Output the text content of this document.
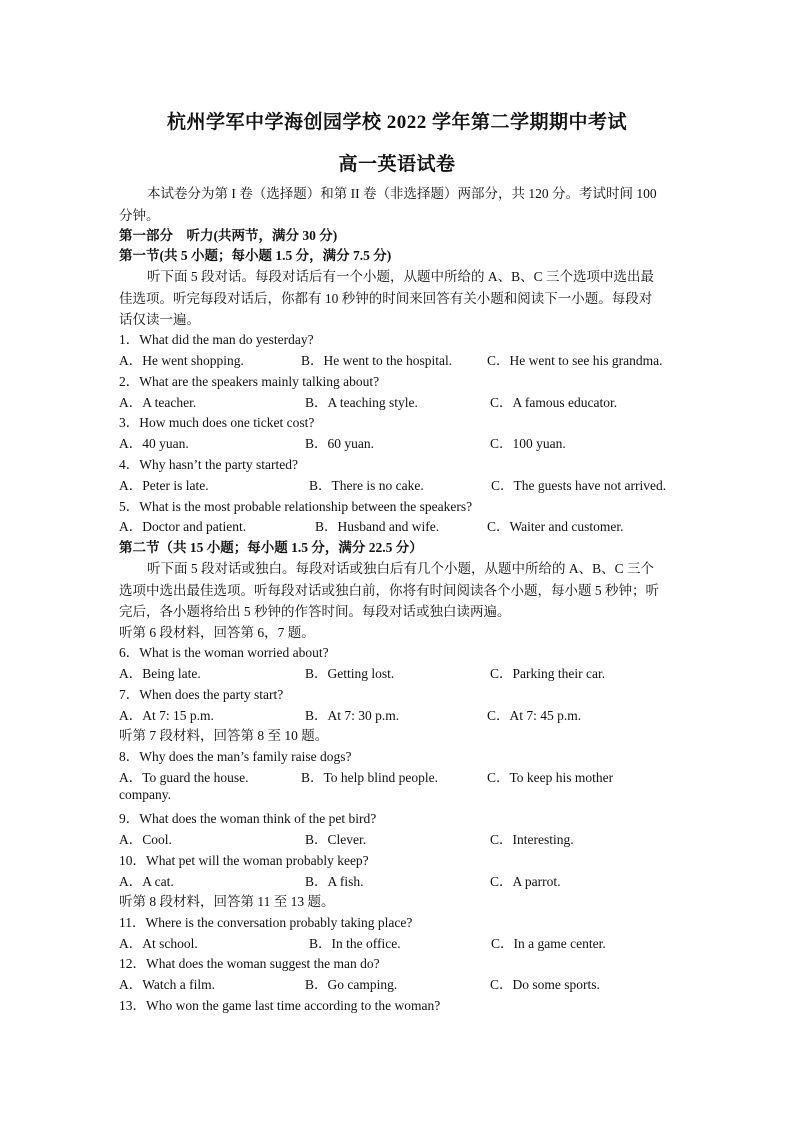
杭州学军中学海创园学校 2022 学年第二学期期中考试
高一英语试卷
本试卷分为第 I 卷（选择题）和第 II 卷（非选择题）两部分，共 120 分。考试时间 100
分钟。
第一部分　听力(共两节，满分 30 分)
第一节(共 5 小题；每小题 1.5 分，满分 7.5 分)
听下面 5 段对话。每段对话后有一个小题，从题中所给的 A、B、C 三个选项中选出最
佳选项。听完每段对话后，你都有 10 秒钟的时间来回答有关小题和阅读下一小题。每段对
话仅读一遍。
1．What did the man do yesterday?
A．He went shopping.	B．He went to the hospital.	C．He went to see his grandma.
2．What are the speakers mainly talking about?
A．A teacher.	B．A teaching style.	C．A famous educator.
3．How much does one ticket cost?
A．40 yuan.	B．60 yuan.	C．100 yuan.
4．Why hasn’t the party started?
A．Peter is late.	B．There is no cake.	C．The guests have not arrived.
5．What is the most probable relationship between the speakers?
A．Doctor and patient.	B．Husband and wife.	C．Waiter and customer.
第二节（共 15 小题；每小题 1.5 分，满分 22.5 分）
听下面 5 段对话或独白。每段对话或独白后有几个小题，从题中所给的 A、B、C 三个
选项中选出最佳选项。听每段对话或独白前，你将有时间阅读各个小题，每小题 5 秒钟；听
完后，各小题将给出 5 秒钟的作答时间。每段对话或独白读两遍。
听第 6 段材料，回答第 6，7 题。
6．What is the woman worried about?
A．Being late.	B．Getting lost.	C．Parking their car.
7．When does the party start?
A．At 7: 15 p.m.	B．At 7: 30 p.m.	C．At 7: 45 p.m.
听第 7 段材料，回答第 8 至 10 题。
8．Why does the man’s family raise dogs?
A．To guard the house.	B．To help blind people.	C．To keep his mother
company.
9．What does the woman think of the pet bird?
A．Cool.	B．Clever.	C．Interesting.
10．What pet will the woman probably keep?
A．A cat.	B．A fish.	C．A parrot.
听第 8 段材料，回答第 11 至 13 题。
11．Where is the conversation probably taking place?
A．At school.	B．In the office.	C．In a game center.
12．What does the woman suggest the man do?
A．Watch a film.	B．Go camping.	C．Do some sports.
13．Who won the game last time according to the woman?
